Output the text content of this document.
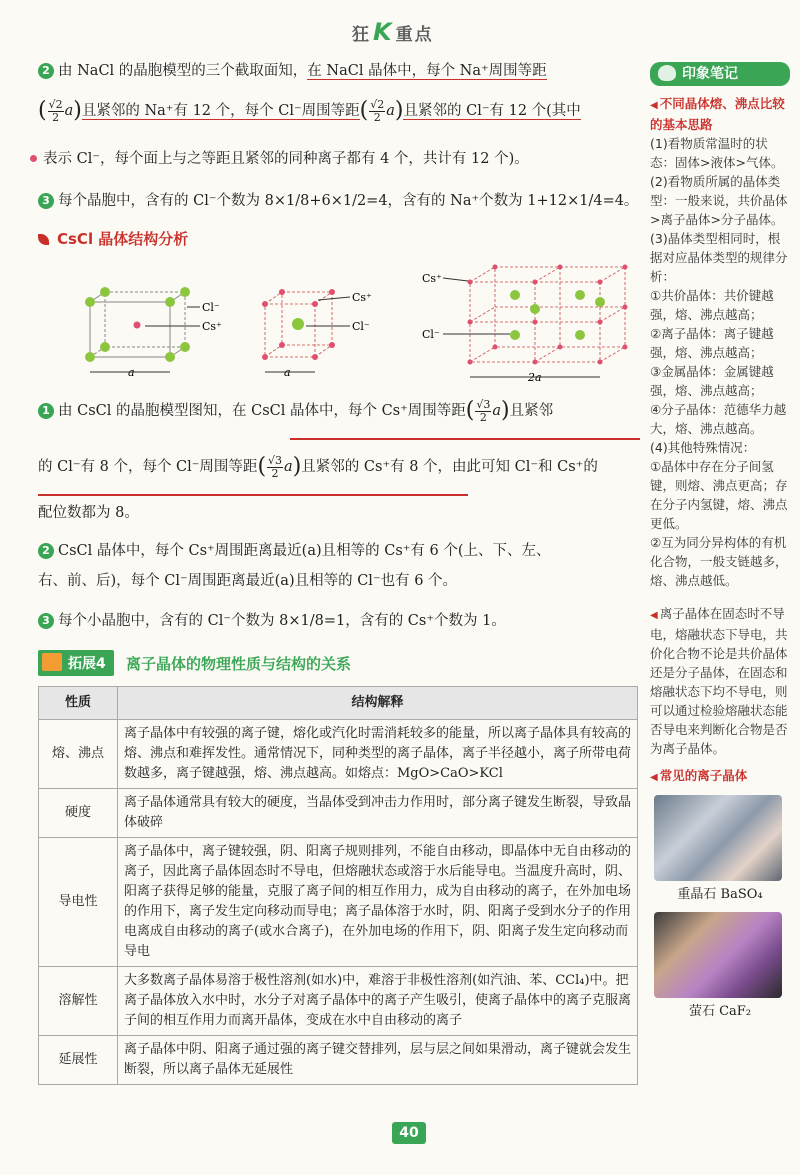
狂K 重点
2 由 NaCl 的晶胞模型的三个截取面知，在 NaCl 晶体中，每个 Na⁺周围等距
( $\frac{√2}{2} a$)且紧邻的 Na⁺有 12 个，每个 Cl⁻周围等距( $\frac{√2}{2} a$)且紧邻的 Cl⁻有 12 个(其中
表示 Cl⁻，每个面上与之等距且紧邻的同种离子都有 4 个，共计有 12 个)。
3 每个晶胞中，含有的 Cl⁻个数为 8×1/8+6×1/2=4，含有的 Na⁺个数为 1+12×1/4=4。
CsCl 晶体结构分析
Cl⁻
Cs⁺
a
Cs⁺
Cl⁻
a
Cs⁺
Cl⁻
2a
1 由 CsCl 的晶胞模型图知，在 CsCl 晶体中，每个 Cs⁺周围等距( $\frac{√3}{2} a$)且紧邻
的 Cl⁻有 8 个，每个 Cl⁻周围等距( $\frac{√3}{2} a$)且紧邻的 Cs⁺有 8 个，由此可知 Cl⁻和 Cs⁺的
配位数都为 8。
2 CsCl 晶体中，每个 Cs⁺周围距离最近(a)且相等的 Cs⁺有 6 个(上、下、左、
右、前、后)，每个 Cl⁻周围距离最近(a)且相等的 Cl⁻也有 6 个。
3 每个小晶胞中，含有的 Cl⁻个数为 8×1/8=1，含有的 Cs⁺个数为 1。
拓展4	离子晶体的物理性质与结构的关系
性质	结构解释
熔、沸点	离子晶体中有较强的离子键，熔化或汽化时需消耗较多的能量，所以离子晶体具有较高的熔、沸点和难挥发性。通常情况下，同种类型的离子晶体，离子半径越小，离子所带电荷数越多，离子键越强，熔、沸点越高。如熔点：MgO>CaO>KCl
硬度	离子晶体通常具有较大的硬度，当晶体受到冲击力作用时，部分离子键发生断裂，导致晶体破碎
导电性	离子晶体中，离子键较强，阴、阳离子规则排列，不能自由移动，即晶体中无自由移动的离子，因此离子晶体固态时不导电，但熔融状态或溶于水后能导电。当温度升高时，阴、阳离子获得足够的能量，克服了离子间的相互作用力，成为自由移动的离子，在外加电场的作用下，离子发生定向移动而导电；离子晶体溶于水时，阴、阳离子受到水分子的作用电离成自由移动的离子(或水合离子)，在外加电场的作用下，阴、阳离子发生定向移动而导电
溶解性	大多数离子晶体易溶于极性溶剂(如水)中，难溶于非极性溶剂(如汽油、苯、CCl₄)中。把离子晶体放入水中时，水分子对离子晶体中的离子产生吸引，使离子晶体中的离子克服离子间的相互作用力而离开晶体，变成在水中自由移动的离子
延展性	离子晶体中阴、阳离子通过强的离子键交替排列，层与层之间如果滑动，离子键就会发生断裂，所以离子晶体无延展性
印象笔记
◀ 不同晶体熔、沸点比较的基本思路
(1)看物质常温时的状态：固体>液体>气体。
(2)看物质所属的晶体类型：一般来说，共价晶体>离子晶体>分子晶体。
(3)晶体类型相同时，根据对应晶体类型的规律分析：
①共价晶体：共价键越强，熔、沸点越高；
②离子晶体：离子键越强，熔、沸点越高；
③金属晶体：金属键越强，熔、沸点越高；
④分子晶体：范德华力越大，熔、沸点越高。
(4)其他特殊情况：
①晶体中存在分子间氢键，则熔、沸点更高；存在分子内氢键，熔、沸点更低。
②互为同分异构体的有机化合物，一般支链越多，熔、沸点越低。
◀ 离子晶体在固态时不导电，熔融状态下导电，共价化合物不论是共价晶体还是分子晶体，在固态和熔融状态下均不导电，则可以通过检验熔融状态能否导电来判断化合物是否为离子晶体。
◀ 常见的离子晶体
重晶石 BaSO₄
萤石 CaF₂
40
